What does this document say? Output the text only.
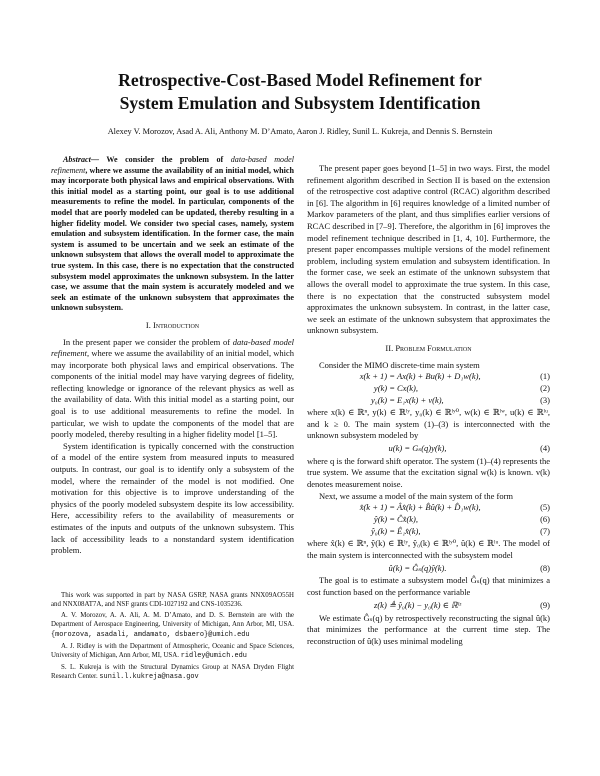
Retrospective-Cost-Based Model Refinement for
System Emulation and Subsystem Identification
Alexey V. Morozov, Asad A. Ali, Anthony M. D’Amato, Aaron J. Ridley, Sunil L. Kukreja, and Dennis S. Bernstein

Abstract— We consider the problem of data-based model refinement, where we assume the availability of an initial model, which may incorporate both physical laws and empirical observations. With this initial model as a starting point, our goal is to use additional measurements to refine the model. In particular, components of the model that are poorly modeled can be updated, thereby resulting in a higher fidelity model. We consider two special cases, namely, system emulation and subsystem identification. In the former case, the main system is assumed to be uncertain and we seek an estimate of the unknown subsystem that allows the overall model to approximate the true system. In this case, there is no expectation that the constructed subsystem model approximates the unknown subsystem. In the latter case, we assume that the main system is accurately modeled and we seek an estimate of the unknown subsystem that approximates the unknown subsystem.

I. Introduction

In the present paper we consider the problem of data-based model refinement, where we assume the availability of an initial model, which may incorporate both physical laws and empirical observations. The components of the initial model may have varying degrees of fidelity, reflecting knowledge or ignorance of the relevant physics as well as the availability of data. With this initial model as a starting point, our goal is to use additional measurements to refine the model. In particular, we wish to update the components of the model that are poorly modeled, thereby resulting in a higher fidelity model [1–5].

System identification is typically concerned with the construction of a model of the entire system from measured inputs to measured outputs. In contrast, our goal is to identify only a subsystem of the model, where the remainder of the model is not modified. One motivation for this objective is to improve understanding of the physics of the poorly modeled subsystem despite its low accessibility. Here, accessibility refers to the availability of measurements or estimates of the inputs and outputs of the unknown subsystem. This lack of accessibility leads to a nonstandard system identification problem.

This work was supported in part by NASA GSRP, NASA grants NNX09AO55H and NNX08AT7A, and NSF grants CDI-1027192 and CNS-1035236.

A. V. Morozov, A. A. Ali, A. M. D’Amato, and D. S. Bernstein are with the Department of Aerospace Engineering, University of Michigan, Ann Arbor, MI, USA. {morozova, asadali, amdamato, dsbaero}@umich.edu

A. J. Ridley is with the Department of Atmospheric, Oceanic and Space Sciences, University of Michigan, Ann Arbor, MI, USA. ridley@umich.edu

S. L. Kukreja is with the Structural Dynamics Group at NASA Dryden Flight Research Center. sunil.l.kukreja@nasa.gov

The present paper goes beyond [1–5] in two ways. First, the model refinement algorithm described in Section II is based on the extension of the retrospective cost adaptive control (RCAC) algorithm described in [6]. The algorithm in [6] requires knowledge of a limited number of Markov parameters of the plant, and thus simplifies earlier versions of RCAC described in [7–9]. Therefore, the algorithm in [6] improves the model refinement technique described in [1, 4, 10]. Furthermore, the present paper encompasses multiple versions of the model refinement problem, including system emulation and subsystem identification. In the former case, we seek an estimate of the unknown subsystem that allows the overall model to approximate the true system. In this case, there is no expectation that the constructed subsystem model approximates the unknown subsystem. In contrast, in the latter case, we seek an estimate of the unknown subsystem that approximates the unknown subsystem.

II. Problem Formulation

Consider the MIMO discrete-time main system

x(k + 1) = Ax(k) + Bu(k) + D₁w(k),	(1)
y(k) = Cx(k),	(2)
y₀(k) = E₁x(k) + v(k),	(3)

where x(k) ∈ ℝⁿ, y(k) ∈ ℝˡʸ, y₀(k) ∈ ℝˡʸ⁰, w(k) ∈ ℝˡʷ, u(k) ∈ ℝˡᵘ, and k ≥ 0. The main system (1)–(3) is interconnected with the unknown subsystem modeled by

u(k) = Gₛ(q)y(k),	(4)

where q is the forward shift operator. The system (1)–(4) represents the true system. We assume that the excitation signal w(k) is known. v(k) denotes measurement noise.

Next, we assume a model of the main system of the form

x̂(k + 1) = Âx̂(k) + B̂û(k) + D̂₁w(k),	(5)
ŷ(k) = Ĉx̂(k),	(6)
ŷ₀(k) = Ê₁x̂(k),	(7)

where x̂(k) ∈ ℝⁿ, ŷ(k) ∈ ℝˡʸ, ŷ₀(k) ∈ ℝˡʸ⁰, û(k) ∈ ℝˡᵘ. The model of the main system is interconnected with the subsystem model

û(k) = Ĝₛ(q)ŷ(k).	(8)

The goal is to estimate a subsystem model Ĝₛ(q) that minimizes a cost function based on the performance variable

z(k) ≜ ŷ₀(k) − y₀(k) ∈ ℝˡᶻ	(9)

We estimate Ĝₛ(q) by retrospectively reconstructing the signal û(k) that minimizes the performance at the current time step. The reconstruction of û(k) uses minimal modeling
